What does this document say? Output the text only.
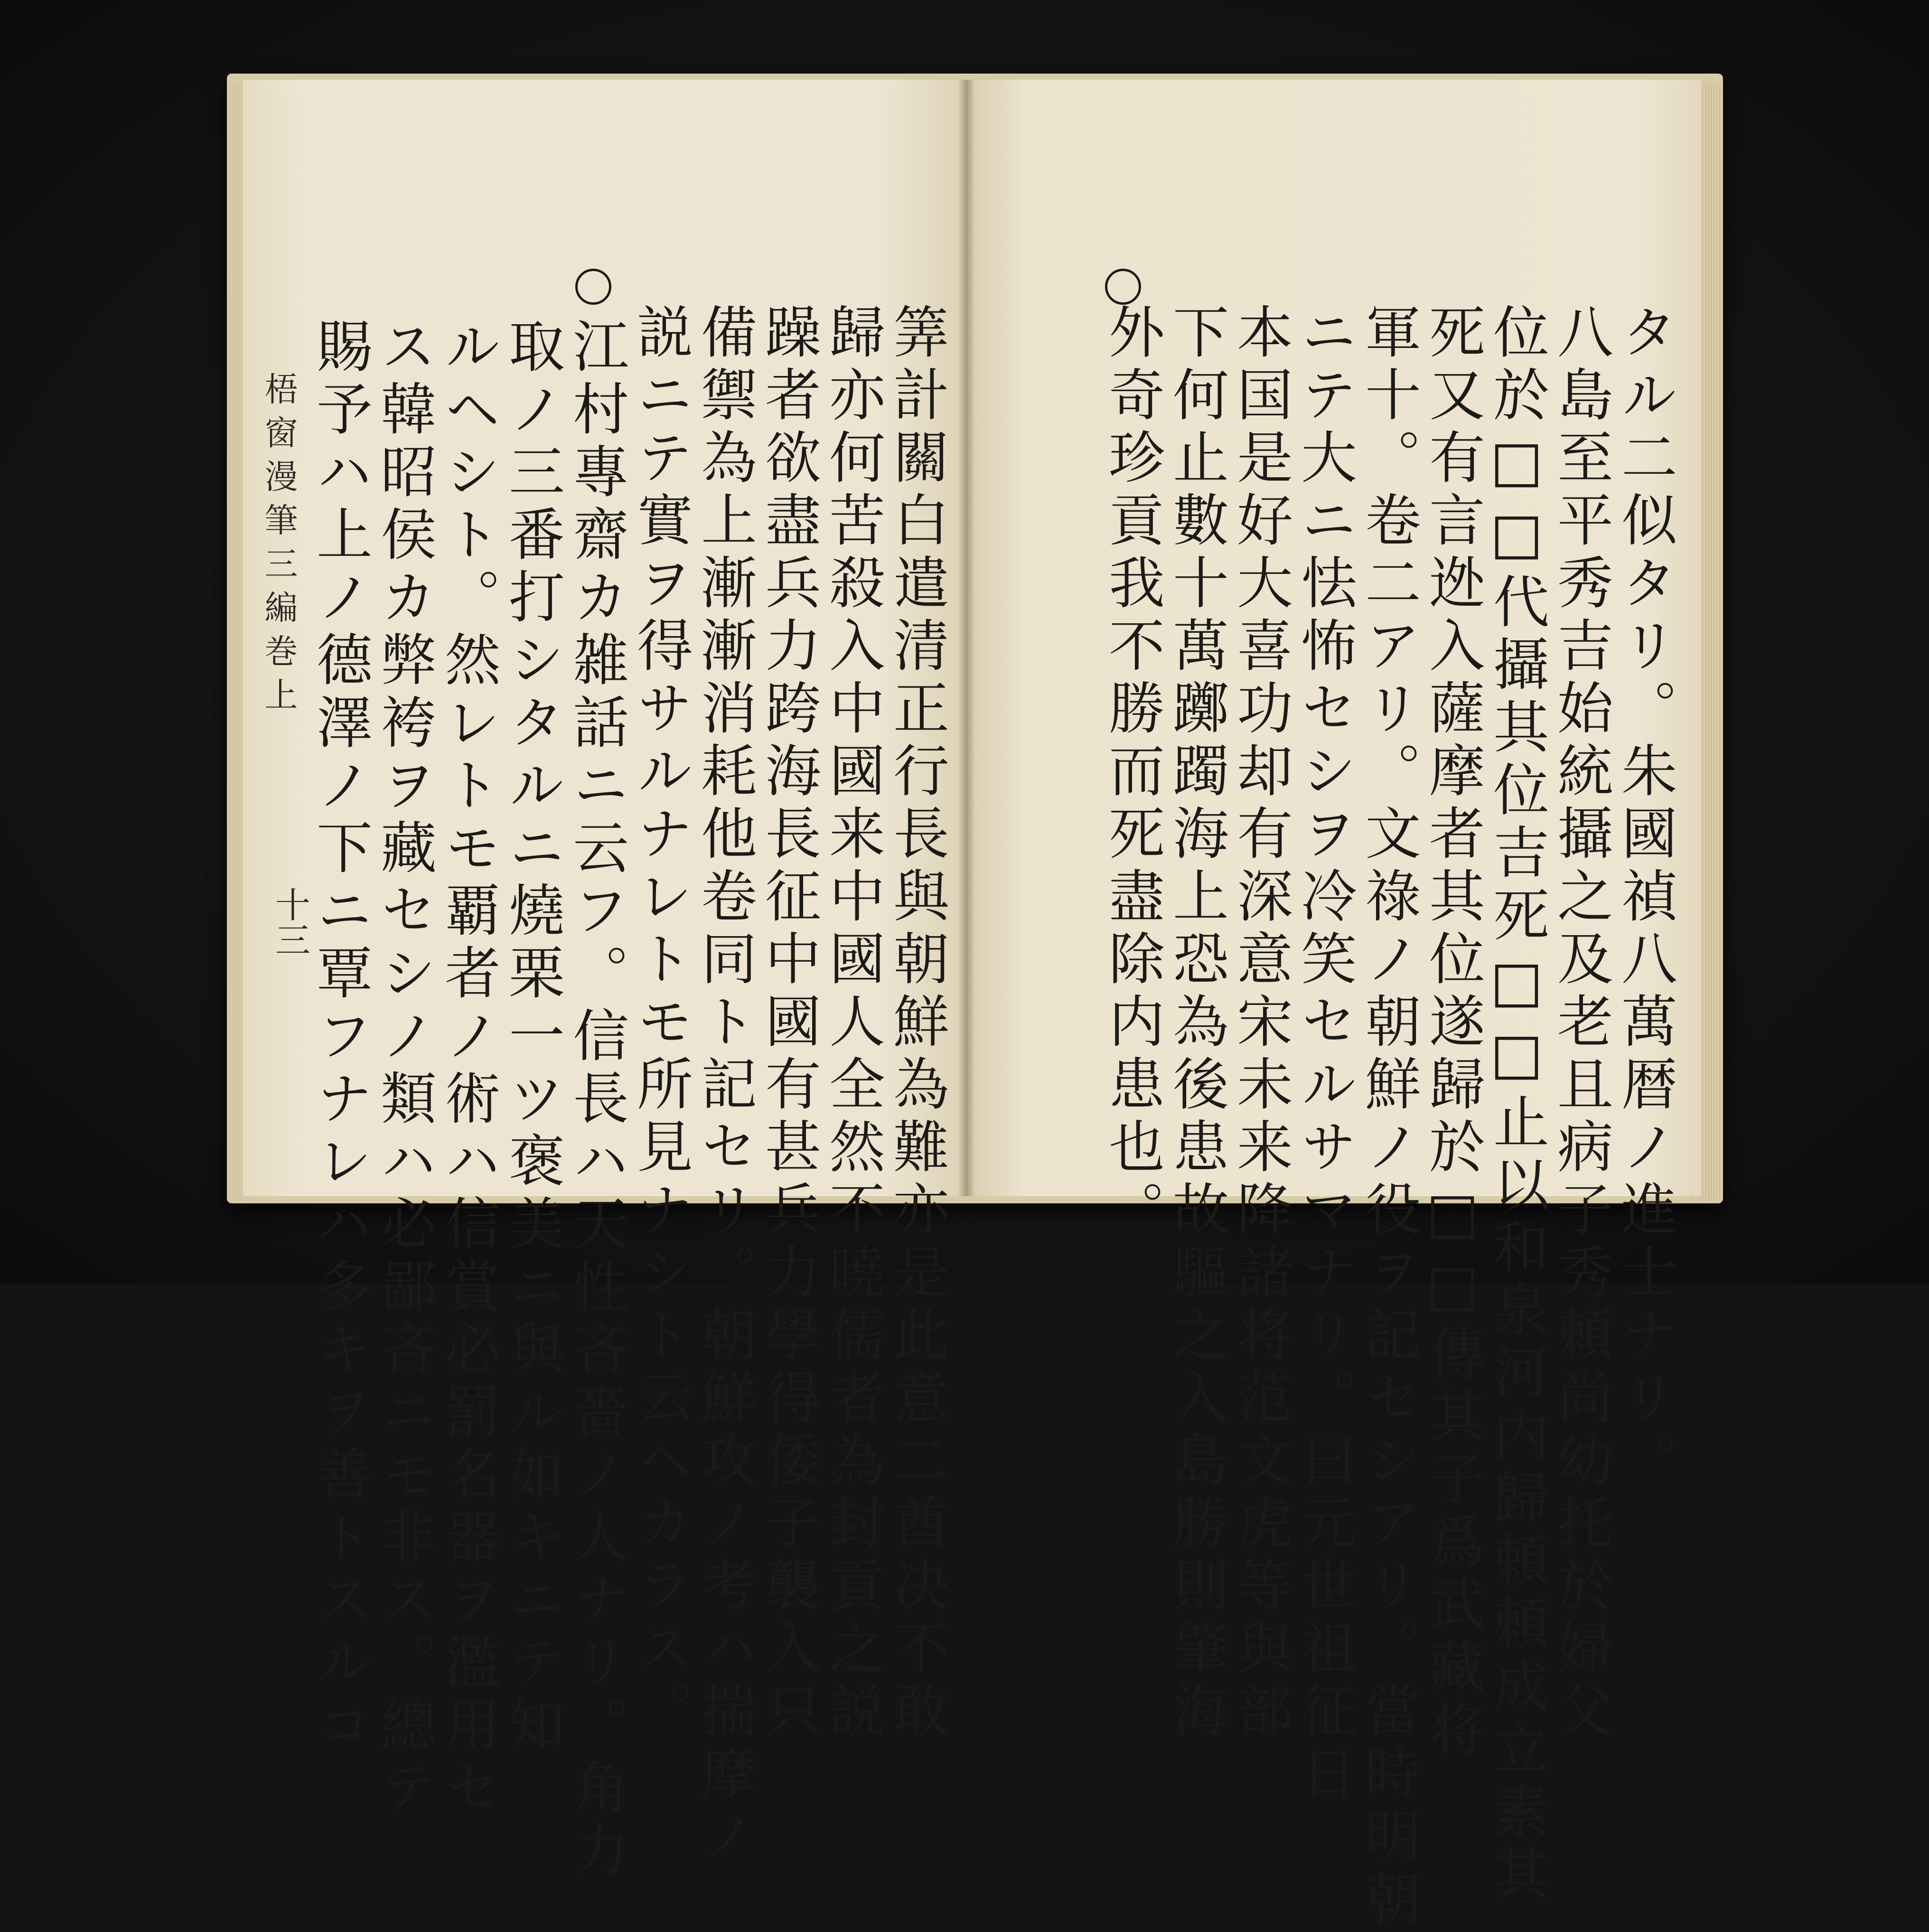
筭計關白遣清正行長與朝鮮為難亦是此意二酋决不敢
歸亦何苦殺入中國来中國人全然不曉儒者為封貢之説
躁者欲盡兵力跨海長征中國有甚兵力學得倭子襲入只
備禦為上漸漸消耗他卷同ト記セリ。朝鮮攻ノ考ハ揣摩ノ
説ニテ實ヲ得サルナレトモ所見ナシト云ヘカラス。
江村專齋カ雑話ニ云フ。信長ハ天性吝嗇ノ人ナリ。角力
取ノ三番打シタルニ燒栗一ツ褒美ニ與ル如キニテ知
ルヘシト。然レトモ覇者ノ術ハ信賞必罰名器ヲ濫用セ
ス韓昭侯カ弊袴ヲ藏セシノ類ハ必鄙吝ニモ非ス。總テ
賜予ハ上ノ德澤ノ下ニ覃フナレハ多キヲ善トスルコ
梧窗漫筆三編巻上
十三	タル二似タリ。朱國禎八萬暦ノ進士ナリ。
八島至平秀吉始統攝之及老且病子秀頼尚幼托於婦父
位於□□代攝其位吉死□□止以和泉河内歸頼頼成立素其
死又有言迯入薩摩者其位遂歸於□□傳其子爲武藏将
軍十。卷二アリ。文祿ノ朝鮮ノ役ヲ記セシアリ。當時明朝
ニテ大ニ怯怖セシヲ冷笑セルサマナリ。曰元世祖征日
本国是好大喜功却有深意宋未来降諸将范文虎等與部
下何止數十萬躑躅海上恐為後患故驅之入島勝則肇海
外奇珍貢我不勝而死盡除内患也。
